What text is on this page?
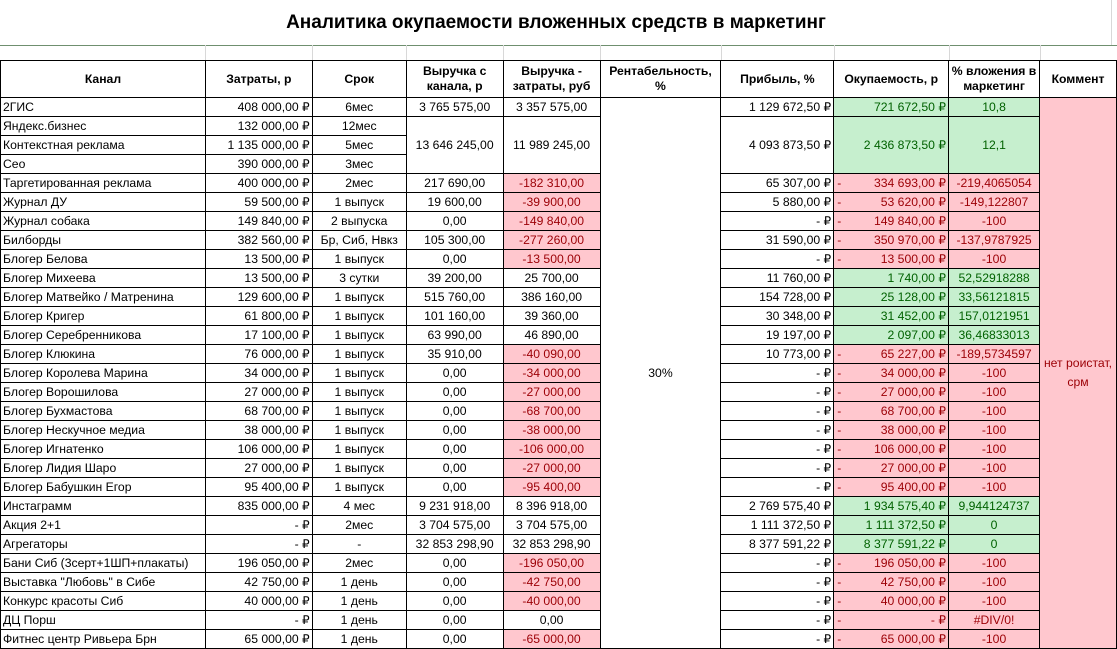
Аналитика окупаемости вложенных средств в маркетинг
Канал	Затраты, р	Срок	Выручка с канала, р	Выручка - затраты, руб	Рентабельность, %	Прибыль, %	Окупаемость, р	% вложения в маркетинг	Коммент
2ГИС	408 000,00 ₽	6мес	3 765 575,00	3 357 575,00	30%	1 129 672,50 ₽	721 672,50 ₽	10,8	нет роистат, срм
Яндекс.бизнес	132 000,00 ₽	12мес	13 646 245,00	11 989 245,00		4 093 873,50 ₽	2 436 873,50 ₽	12,1	
Контекстная реклама	1 135 000,00 ₽	5мес							
Сео	390 000,00 ₽	3мес							
Таргетированная реклама	400 000,00 ₽	2мес	217 690,00	-182 310,00		65 307,00 ₽	- 334 693,00 ₽	-219,4065054	
Журнал ДУ	59 500,00 ₽	1 выпуск	19 600,00	-39 900,00		5 880,00 ₽	- 53 620,00 ₽	-149,122807	
Журнал собака	149 840,00 ₽	2 выпуска	0,00	-149 840,00		- ₽	- 149 840,00 ₽	-100	
Билборды	382 560,00 ₽	Бр, Сиб, Нвкз	105 300,00	-277 260,00		31 590,00 ₽	- 350 970,00 ₽	-137,9787925	
Блогер Белова	13 500,00 ₽	1 выпуск	0,00	-13 500,00		- ₽	- 13 500,00 ₽	-100	
Блогер Михеева	13 500,00 ₽	3 сутки	39 200,00	25 700,00		11 760,00 ₽	1 740,00 ₽	52,52918288	
Блогер Матвейко / Матренина	129 600,00 ₽	1 выпуск	515 760,00	386 160,00		154 728,00 ₽	25 128,00 ₽	33,56121815	
Блогер Кригер	61 800,00 ₽	1 выпуск	101 160,00	39 360,00		30 348,00 ₽	31 452,00 ₽	157,0121951	
Блогер Серебренникова	17 100,00 ₽	1 выпуск	63 990,00	46 890,00		19 197,00 ₽	2 097,00 ₽	36,46833013	
Блогер Клюкина	76 000,00 ₽	1 выпуск	35 910,00	-40 090,00		10 773,00 ₽	- 65 227,00 ₽	-189,5734597	
Блогер Королева Марина	34 000,00 ₽	1 выпуск	0,00	-34 000,00		- ₽	- 34 000,00 ₽	-100	
Блогер Ворошилова	27 000,00 ₽	1 выпуск	0,00	-27 000,00		- ₽	- 27 000,00 ₽	-100	
Блогер Бухмастова	68 700,00 ₽	1 выпуск	0,00	-68 700,00		- ₽	- 68 700,00 ₽	-100	
Блогер Нескучное медиа	38 000,00 ₽	1 выпуск	0,00	-38 000,00		- ₽	- 38 000,00 ₽	-100	
Блогер Игнатенко	106 000,00 ₽	1 выпуск	0,00	-106 000,00		- ₽	- 106 000,00 ₽	-100	
Блогер Лидия Шаро	27 000,00 ₽	1 выпуск	0,00	-27 000,00		- ₽	- 27 000,00 ₽	-100	
Блогер Бабушкин Егор	95 400,00 ₽	1 выпуск	0,00	-95 400,00		- ₽	- 95 400,00 ₽	-100	
Инстаграмм	835 000,00 ₽	4 мес	9 231 918,00	8 396 918,00		2 769 575,40 ₽	1 934 575,40 ₽	9,944124737	
Акция 2+1	- ₽	2мес	3 704 575,00	3 704 575,00		1 111 372,50 ₽	1 111 372,50 ₽	0	
Агрегаторы	- ₽	-	32 853 298,90	32 853 298,90		8 377 591,22 ₽	8 377 591,22 ₽	0	
Бани Сиб (3серт+1ШП+плакаты)	196 050,00 ₽	2мес	0,00	-196 050,00		- ₽	- 196 050,00 ₽	-100	
Выставка "Любовь" в Сибе	42 750,00 ₽	1 день	0,00	-42 750,00		- ₽	- 42 750,00 ₽	-100	
Конкурс красоты Сиб	40 000,00 ₽	1 день	0,00	-40 000,00		- ₽	- 40 000,00 ₽	-100	
ДЦ Порш	- ₽	1 день	0,00	0,00		- ₽	- - ₽	#DIV/0!	
Фитнес центр Ривьера Брн	65 000,00 ₽	1 день	0,00	-65 000,00		- ₽	- 65 000,00 ₽	-100	
